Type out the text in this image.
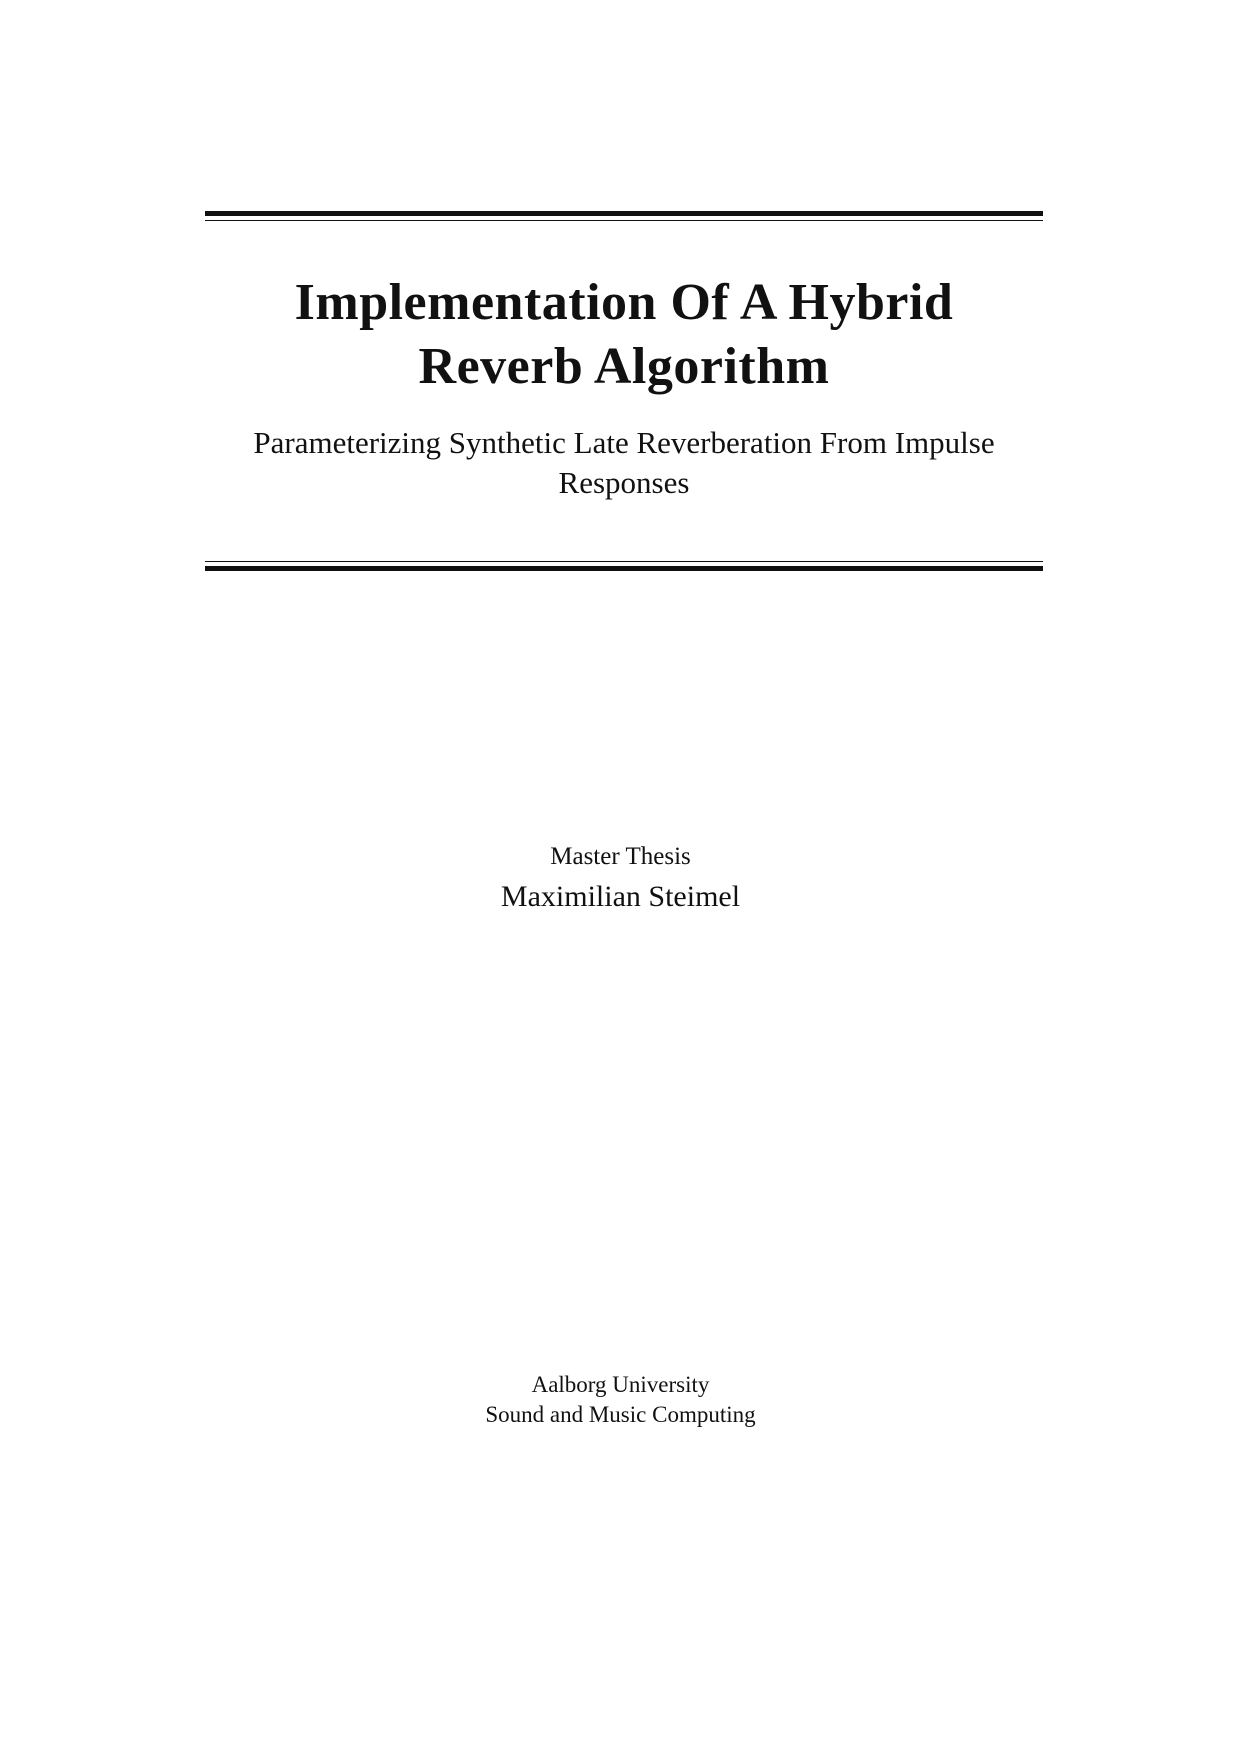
Implementation Of A Hybrid
Reverb Algorithm
Parameterizing Synthetic Late Reverberation From Impulse
Responses
Master Thesis
Maximilian Steimel
Aalborg University
Sound and Music Computing
